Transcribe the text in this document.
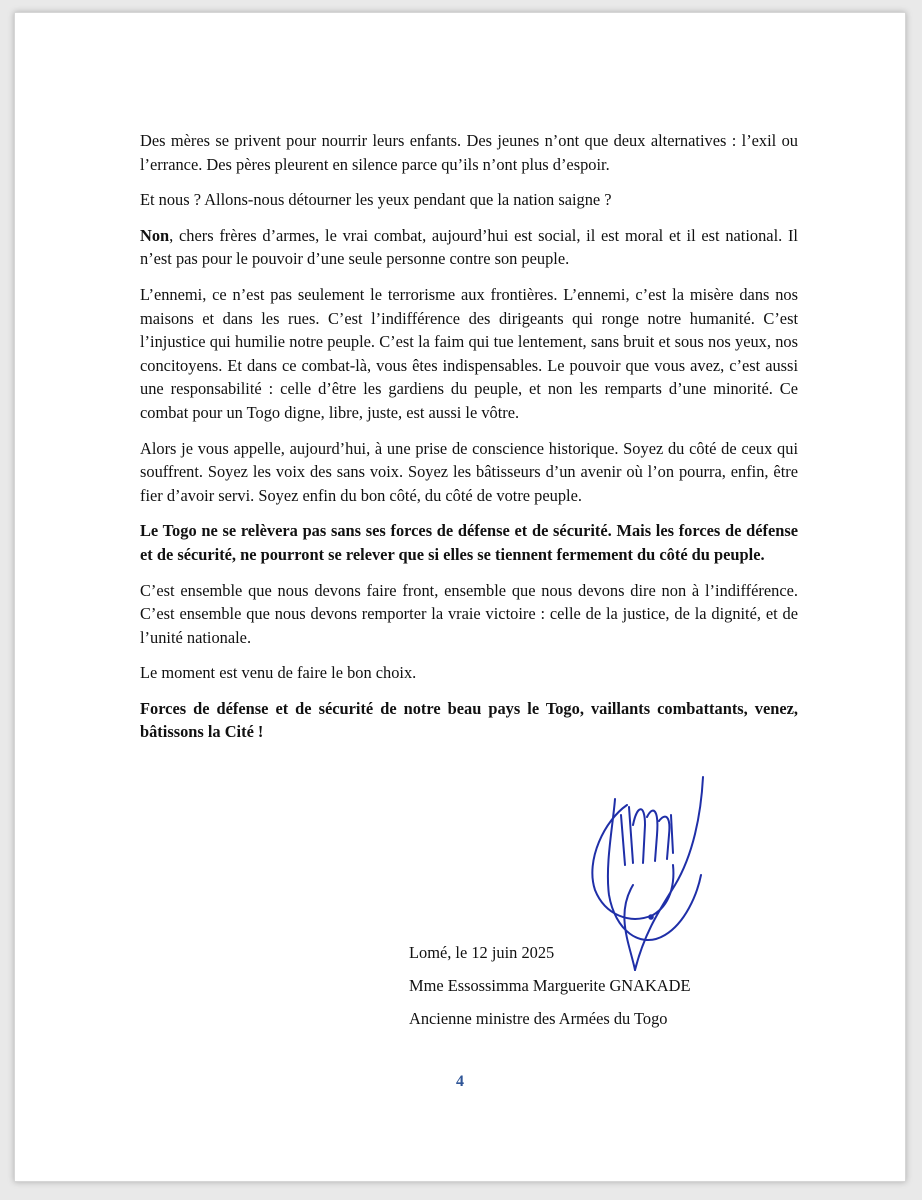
Des mères se privent pour nourrir leurs enfants. Des jeunes n’ont que deux alternatives : l’exil ou l’errance. Des pères pleurent en silence parce qu’ils n’ont plus d’espoir.

Et nous ? Allons-nous détourner les yeux pendant que la nation saigne ?

Non, chers frères d’armes, le vrai combat, aujourd’hui est social, il est moral et il est national. Il n’est pas pour le pouvoir d’une seule personne contre son peuple.

L’ennemi, ce n’est pas seulement le terrorisme aux frontières. L’ennemi, c’est la misère dans nos maisons et dans les rues. C’est l’indifférence des dirigeants qui ronge notre humanité. C’est l’injustice qui humilie notre peuple. C’est la faim qui tue lentement, sans bruit et sous nos yeux, nos concitoyens. Et dans ce combat-là, vous êtes indispensables. Le pouvoir que vous avez, c’est aussi une responsabilité : celle d’être les gardiens du peuple, et non les remparts d’une minorité. Ce combat pour un Togo digne, libre, juste, est aussi le vôtre.

Alors je vous appelle, aujourd’hui, à une prise de conscience historique. Soyez du côté de ceux qui souffrent. Soyez les voix des sans voix. Soyez les bâtisseurs d’un avenir où l’on pourra, enfin, être fier d’avoir servi. Soyez enfin du bon côté, du côté de votre peuple.

Le Togo ne se relèvera pas sans ses forces de défense et de sécurité. Mais les forces de défense et de sécurité, ne pourront se relever que si elles se tiennent fermement du côté du peuple.

C’est ensemble que nous devons faire front, ensemble que nous devons dire non à l’indifférence. C’est ensemble que nous devons remporter la vraie victoire : celle de la justice, de la dignité, et de l’unité nationale.

Le moment est venu de faire le bon choix.

Forces de défense et de sécurité de notre beau pays le Togo, vaillants combattants, venez, bâtissons la Cité !

Lomé, le 12 juin 2025
Mme Essossimma Marguerite GNAKADE
Ancienne ministre des Armées du Togo
4
